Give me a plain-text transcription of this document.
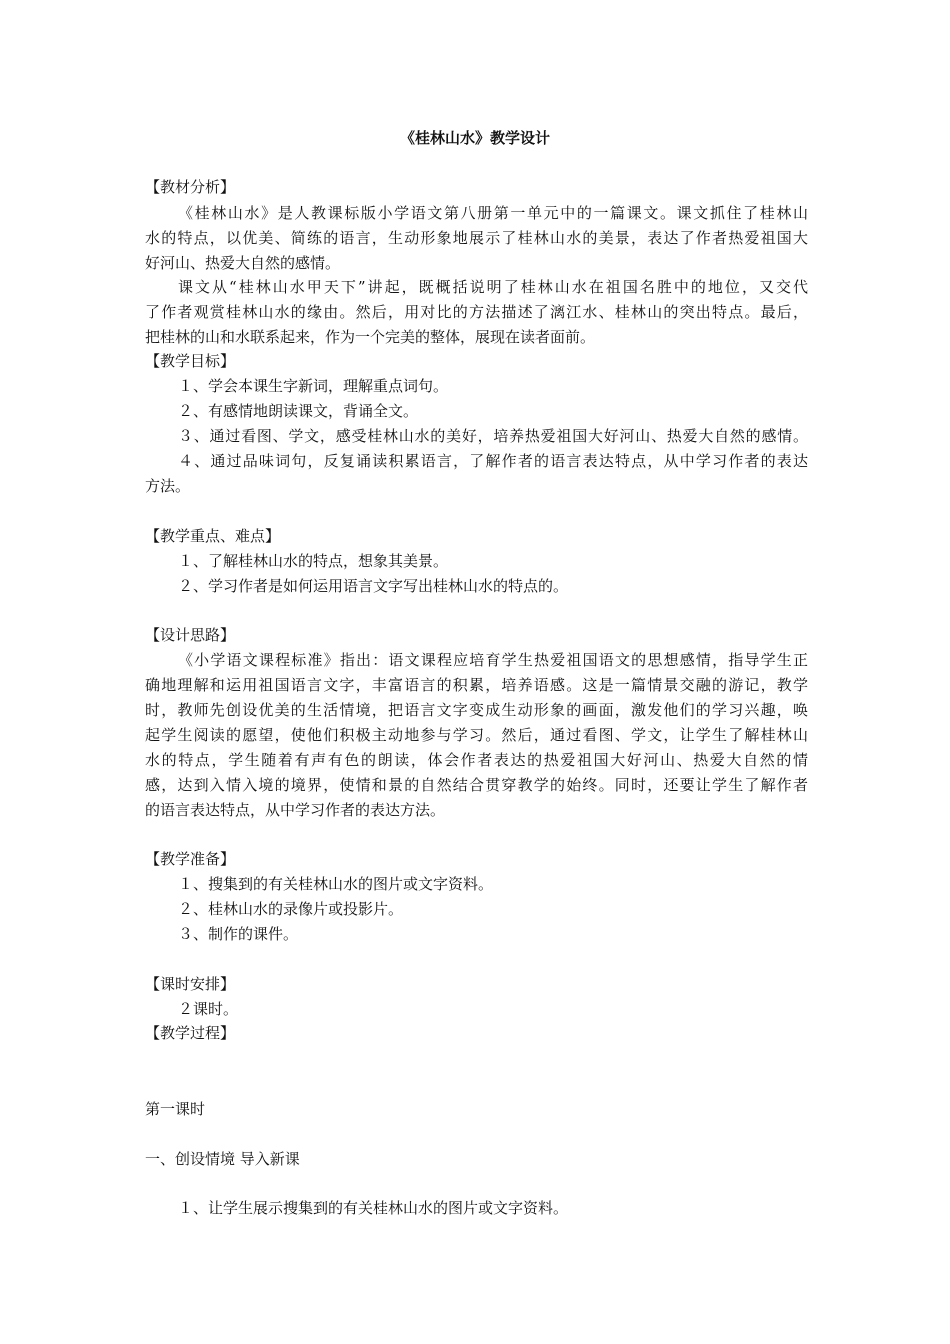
《桂林山水》教学设计
【教材分析】
《桂林山水》是人教课标版小学语文第八册第一单元中的一篇课文。课文抓住了桂林山
水的特点，以优美、简练的语言，生动形象地展示了桂林山水的美景，表达了作者热爱祖国大
好河山、热爱大自然的感情。
课文从“桂林山水甲天下”讲起，既概括说明了桂林山水在祖国名胜中的地位，又交代
了作者观赏桂林山水的缘由。然后，用对比的方法描述了漓江水、桂林山的突出特点。最后，
把桂林的山和水联系起来，作为一个完美的整体，展现在读者面前。
【教学目标】
１、学会本课生字新词，理解重点词句。
２、有感情地朗读课文，背诵全文。
３、通过看图、学文，感受桂林山水的美好，培养热爱祖国大好河山、热爱大自然的感情。
４、通过品味词句，反复诵读积累语言，了解作者的语言表达特点，从中学习作者的表达
方法。
【教学重点、难点】
１、了解桂林山水的特点，想象其美景。
２、学习作者是如何运用语言文字写出桂林山水的特点的。
【设计思路】
《小学语文课程标准》指出：语文课程应培育学生热爱祖国语文的思想感情，指导学生正
确地理解和运用祖国语言文字，丰富语言的积累，培养语感。这是一篇情景交融的游记，教学
时，教师先创设优美的生活情境，把语言文字变成生动形象的画面，激发他们的学习兴趣，唤
起学生阅读的愿望，使他们积极主动地参与学习。然后，通过看图、学文，让学生了解桂林山
水的特点，学生随着有声有色的朗读，体会作者表达的热爱祖国大好河山、热爱大自然的情
感，达到入情入境的境界，使情和景的自然结合贯穿教学的始终。同时，还要让学生了解作者
的语言表达特点，从中学习作者的表达方法。
【教学准备】
１、搜集到的有关桂林山水的图片或文字资料。
２、桂林山水的录像片或投影片。
３、制作的课件。
【课时安排】
２课时。
【教学过程】
第一课时
一、创设情境 导入新课
１、让学生展示搜集到的有关桂林山水的图片或文字资料。
